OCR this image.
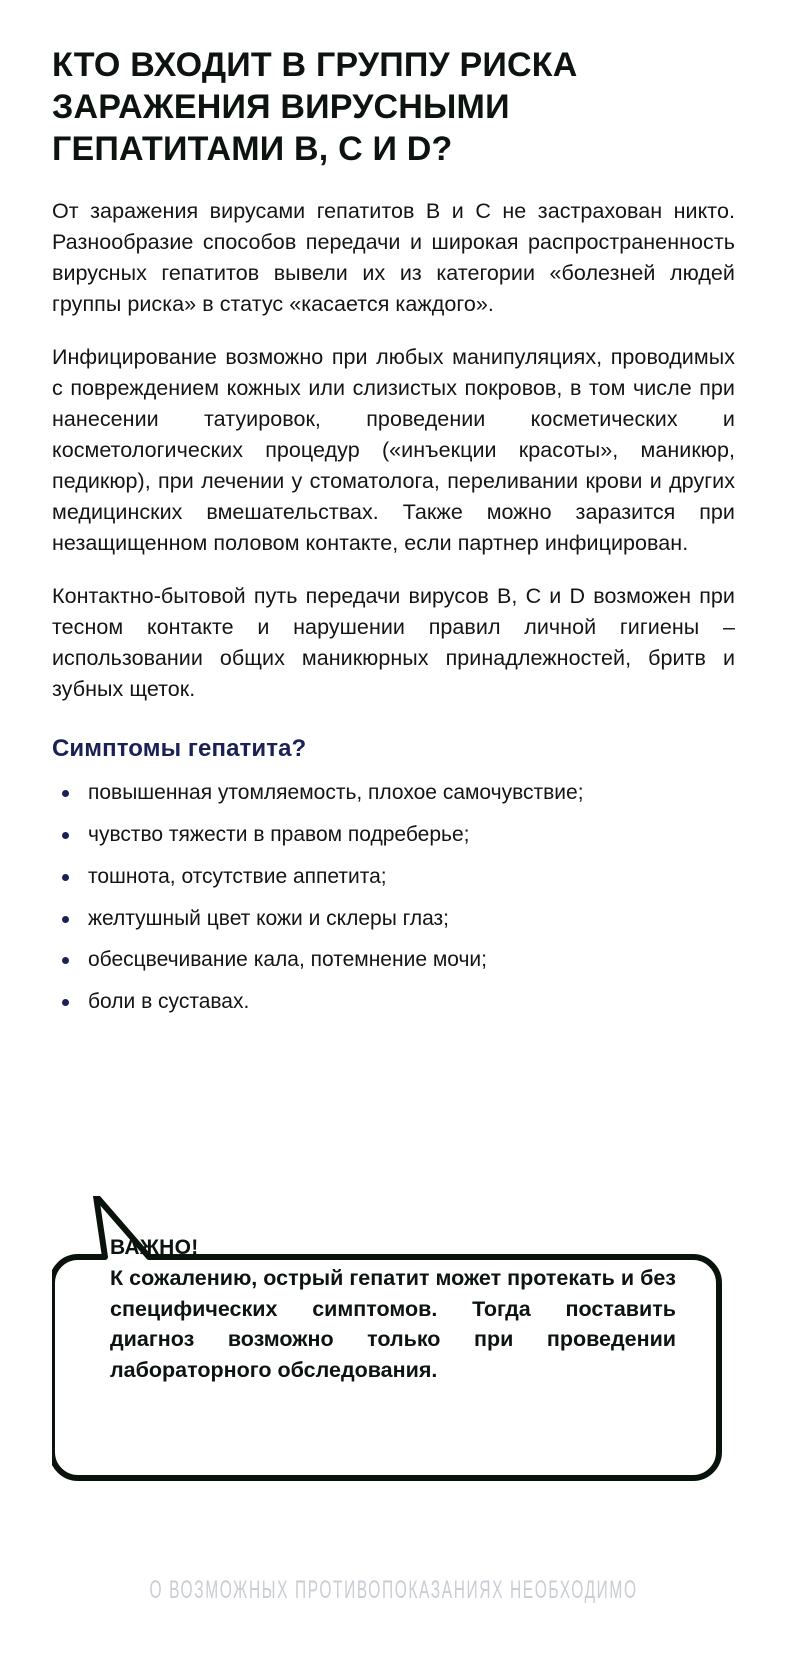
КТО ВХОДИТ В ГРУППУ РИСКА
ЗАРАЖЕНИЯ ВИРУСНЫМИ
ГЕПАТИТАМИ B, C И D?

От заражения вирусами гепатитов B и C не застрахован никто. Разнообразие способов передачи и широкая распространенность вирусных гепатитов вывели их из категории «болезней людей группы риска» в статус «касается каждого».

Инфицирование возможно при любых манипуляциях, проводимых с повреждением кожных или слизистых покровов, в том числе при нанесении татуировок, проведении косметических и косметологических процедур («инъекции красоты», маникюр, педикюр), при лечении у стоматолога, переливании крови и других медицинских вмешательствах. Также можно заразится при незащищенном половом контакте, если партнер инфицирован.

Контактно-бытовой путь передачи вирусов B, C и D возможен при тесном контакте и нарушении правил личной гигиены – использовании общих маникюрных принадлежностей, бритв и зубных щеток.

Симптомы гепатита?
повышенная утомляемость, плохое самочувствие;
чувство тяжести в правом подреберье;
тошнота, отсутствие аппетита;
желтушный цвет кожи и склеры глаз;
обесцвечивание кала, потемнение мочи;
боли в суставах.

ВАЖНО!

К сожалению, острый гепатит может протекать и без специфических симптомов. Тогда поставить диагноз возможно только при проведении лабораторного обследования.

О ВОЗМОЖНЫХ ПРОТИВОПОКАЗАНИЯХ НЕОБХОДИМО
